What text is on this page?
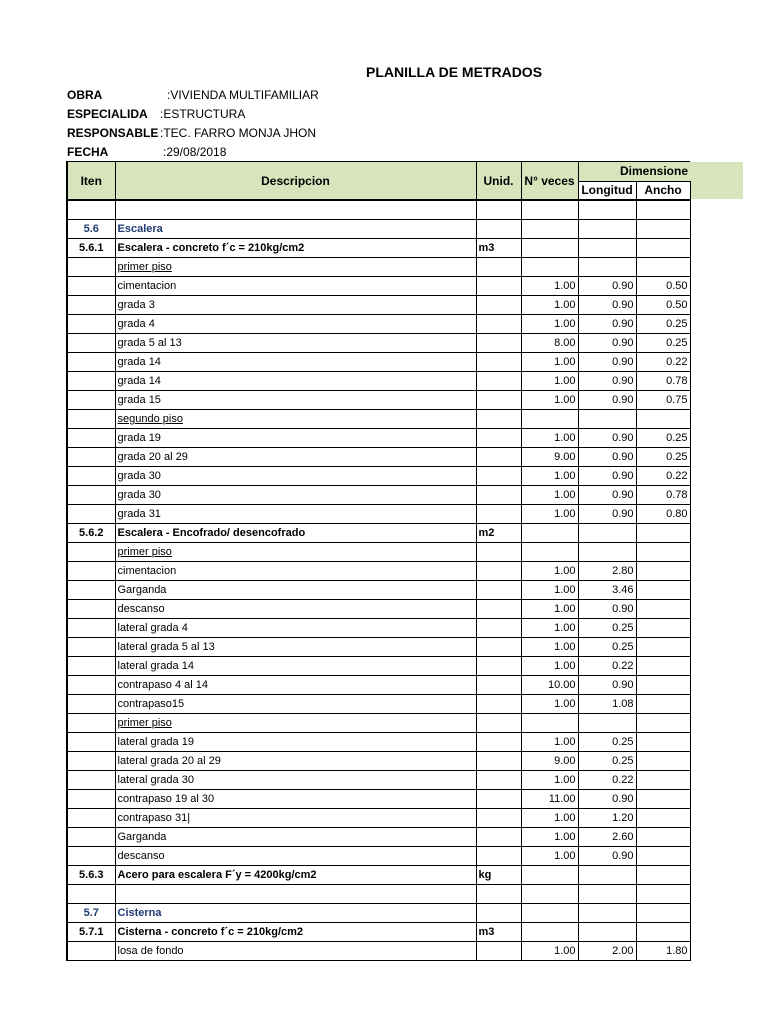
PLANILLA DE METRADOS
OBRA	:VIVIENDA MULTIFAMILIAR
ESPECIALIDA :ESTRUCTURA
RESPONSABLE :TEC. FARRO MONJA JHON
FECHA	:29/08/2018
Iten	Descripcion	Unid.	N° veces	Dimensione	
				Longitud	Ancho

5.6	Escalera				
5.6.1	Escalera - concreto f´c = 210kg/cm2	m3			
	primer piso				
	cimentacion		1.00	0.90	0.50
	grada 3		1.00	0.90	0.50
	grada 4		1.00	0.90	0.25
	grada 5 al 13		8.00	0.90	0.25
	grada 14		1.00	0.90	0.22
	grada 14		1.00	0.90	0.78
	grada 15		1.00	0.90	0.75
	segundo piso				
	grada 19		1.00	0.90	0.25
	grada 20 al 29		9.00	0.90	0.25
	grada 30		1.00	0.90	0.22
	grada 30		1.00	0.90	0.78
	grada 31		1.00	0.90	0.80
5.6.2	Escalera - Encofrado/ desencofrado	m2			
	primer piso				
	cimentacion		1.00	2.80	
	Garganda		1.00	3.46	
	descanso		1.00	0.90	
	lateral grada 4		1.00	0.25	
	lateral grada 5 al 13		1.00	0.25	
	lateral grada 14		1.00	0.22	
	contrapaso 4 al 14		10.00	0.90	
	contrapaso15		1.00	1.08	
	primer piso				
	lateral grada 19		1.00	0.25	
	lateral grada 20 al 29		9.00	0.25	
	lateral grada 30		1.00	0.22	
	contrapaso 19 al 30		11.00	0.90	
	contrapaso 31|		1.00	1.20	
	Garganda		1.00	2.60	
	descanso		1.00	0.90	
5.6.3	Acero para escalera F´y = 4200kg/cm2	kg			

5.7	Cisterna				
5.7.1	Cisterna - concreto f´c = 210kg/cm2	m3			
	losa de fondo		1.00	2.00	1.80
